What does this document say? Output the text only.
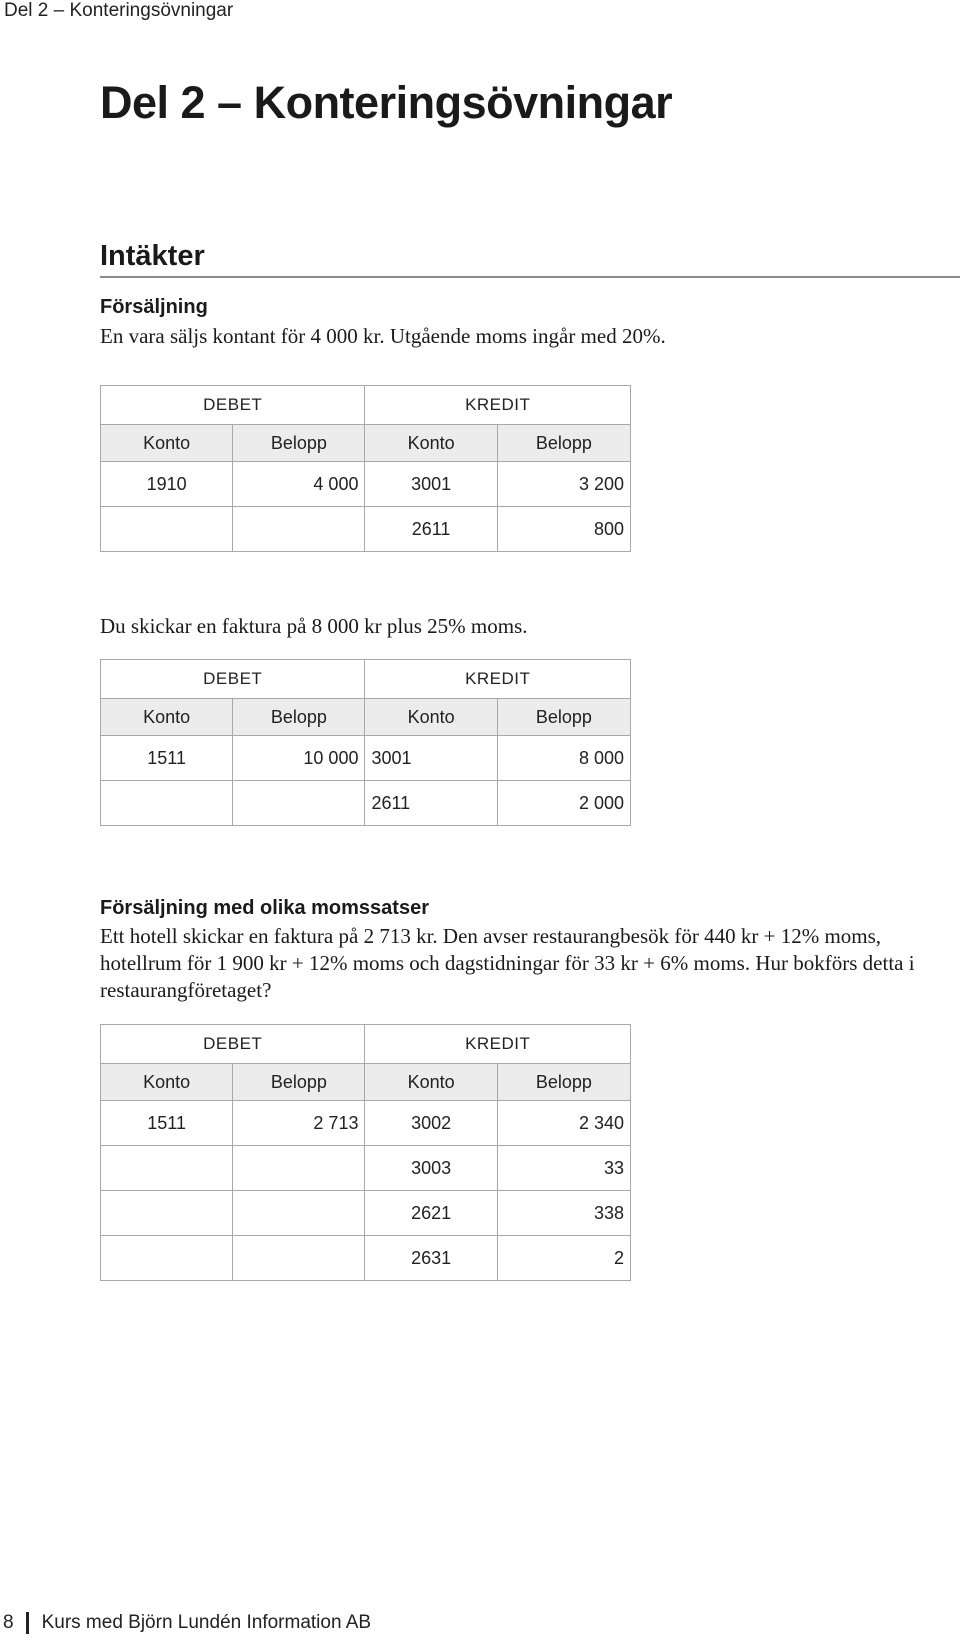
Del 2 – Konteringsövningar
Del 2 – Konteringsövningar
Intäkter
Försäljning

En vara säljs kontant för 4 000 kr. Utgående moms ingår med 20%.

DEBET		KREDIT	
Konto	Belopp	Konto	Belopp
1910	4 000	3001	3 200
		2611	800

Du skickar en faktura på 8 000 kr plus 25% moms.

DEBET		KREDIT	
Konto	Belopp	Konto	Belopp
1511	10 000	3001	8 000
		2611	2 000
Försäljning med olika momssatser

Ett hotell skickar en faktura på 2 713 kr. Den avser restaurangbesök för 440 kr + 12% moms, hotellrum för 1 900 kr + 12% moms och dagstidningar för 33 kr + 6% moms. Hur bokförs detta i restaurangföretaget?

DEBET		KREDIT	
Konto	Belopp	Konto	Belopp
1511	2 713	3002	2 340
		3003	33
		2621	338
		2631	2
8 Kurs med Björn Lundén Information AB
